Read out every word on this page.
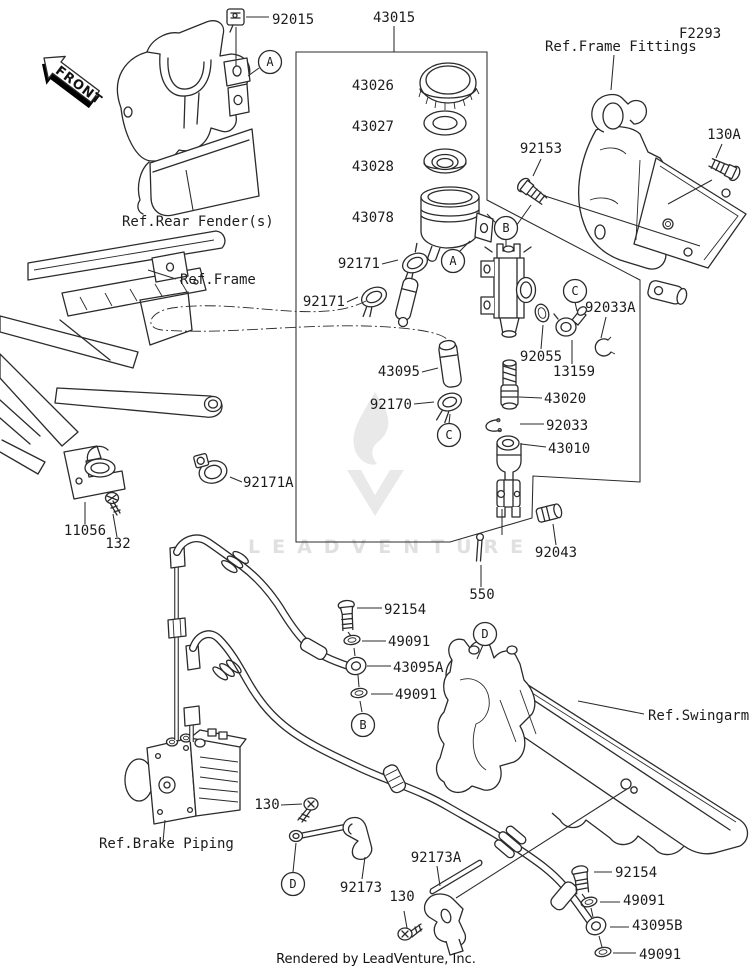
LEADVENTURE
FRONT
A
A
B
B
C
C
D
D
92015	43015
43026
43027
43028
43078
92153
130A
92171
92171
92171A
43095
92170
11056
132
92033A
92055
13159
43020
92033
43010
92043
550
92154
49091
43095A
49091
130
92173
92173A
130
92154
49091
43095B
49091
Ref.Rear Fender(s)
Ref.Frame
Ref.Frame Fittings
Ref.Swingarm
Ref.Brake Piping
F2293
Rendered by LeadVenture, Inc.
